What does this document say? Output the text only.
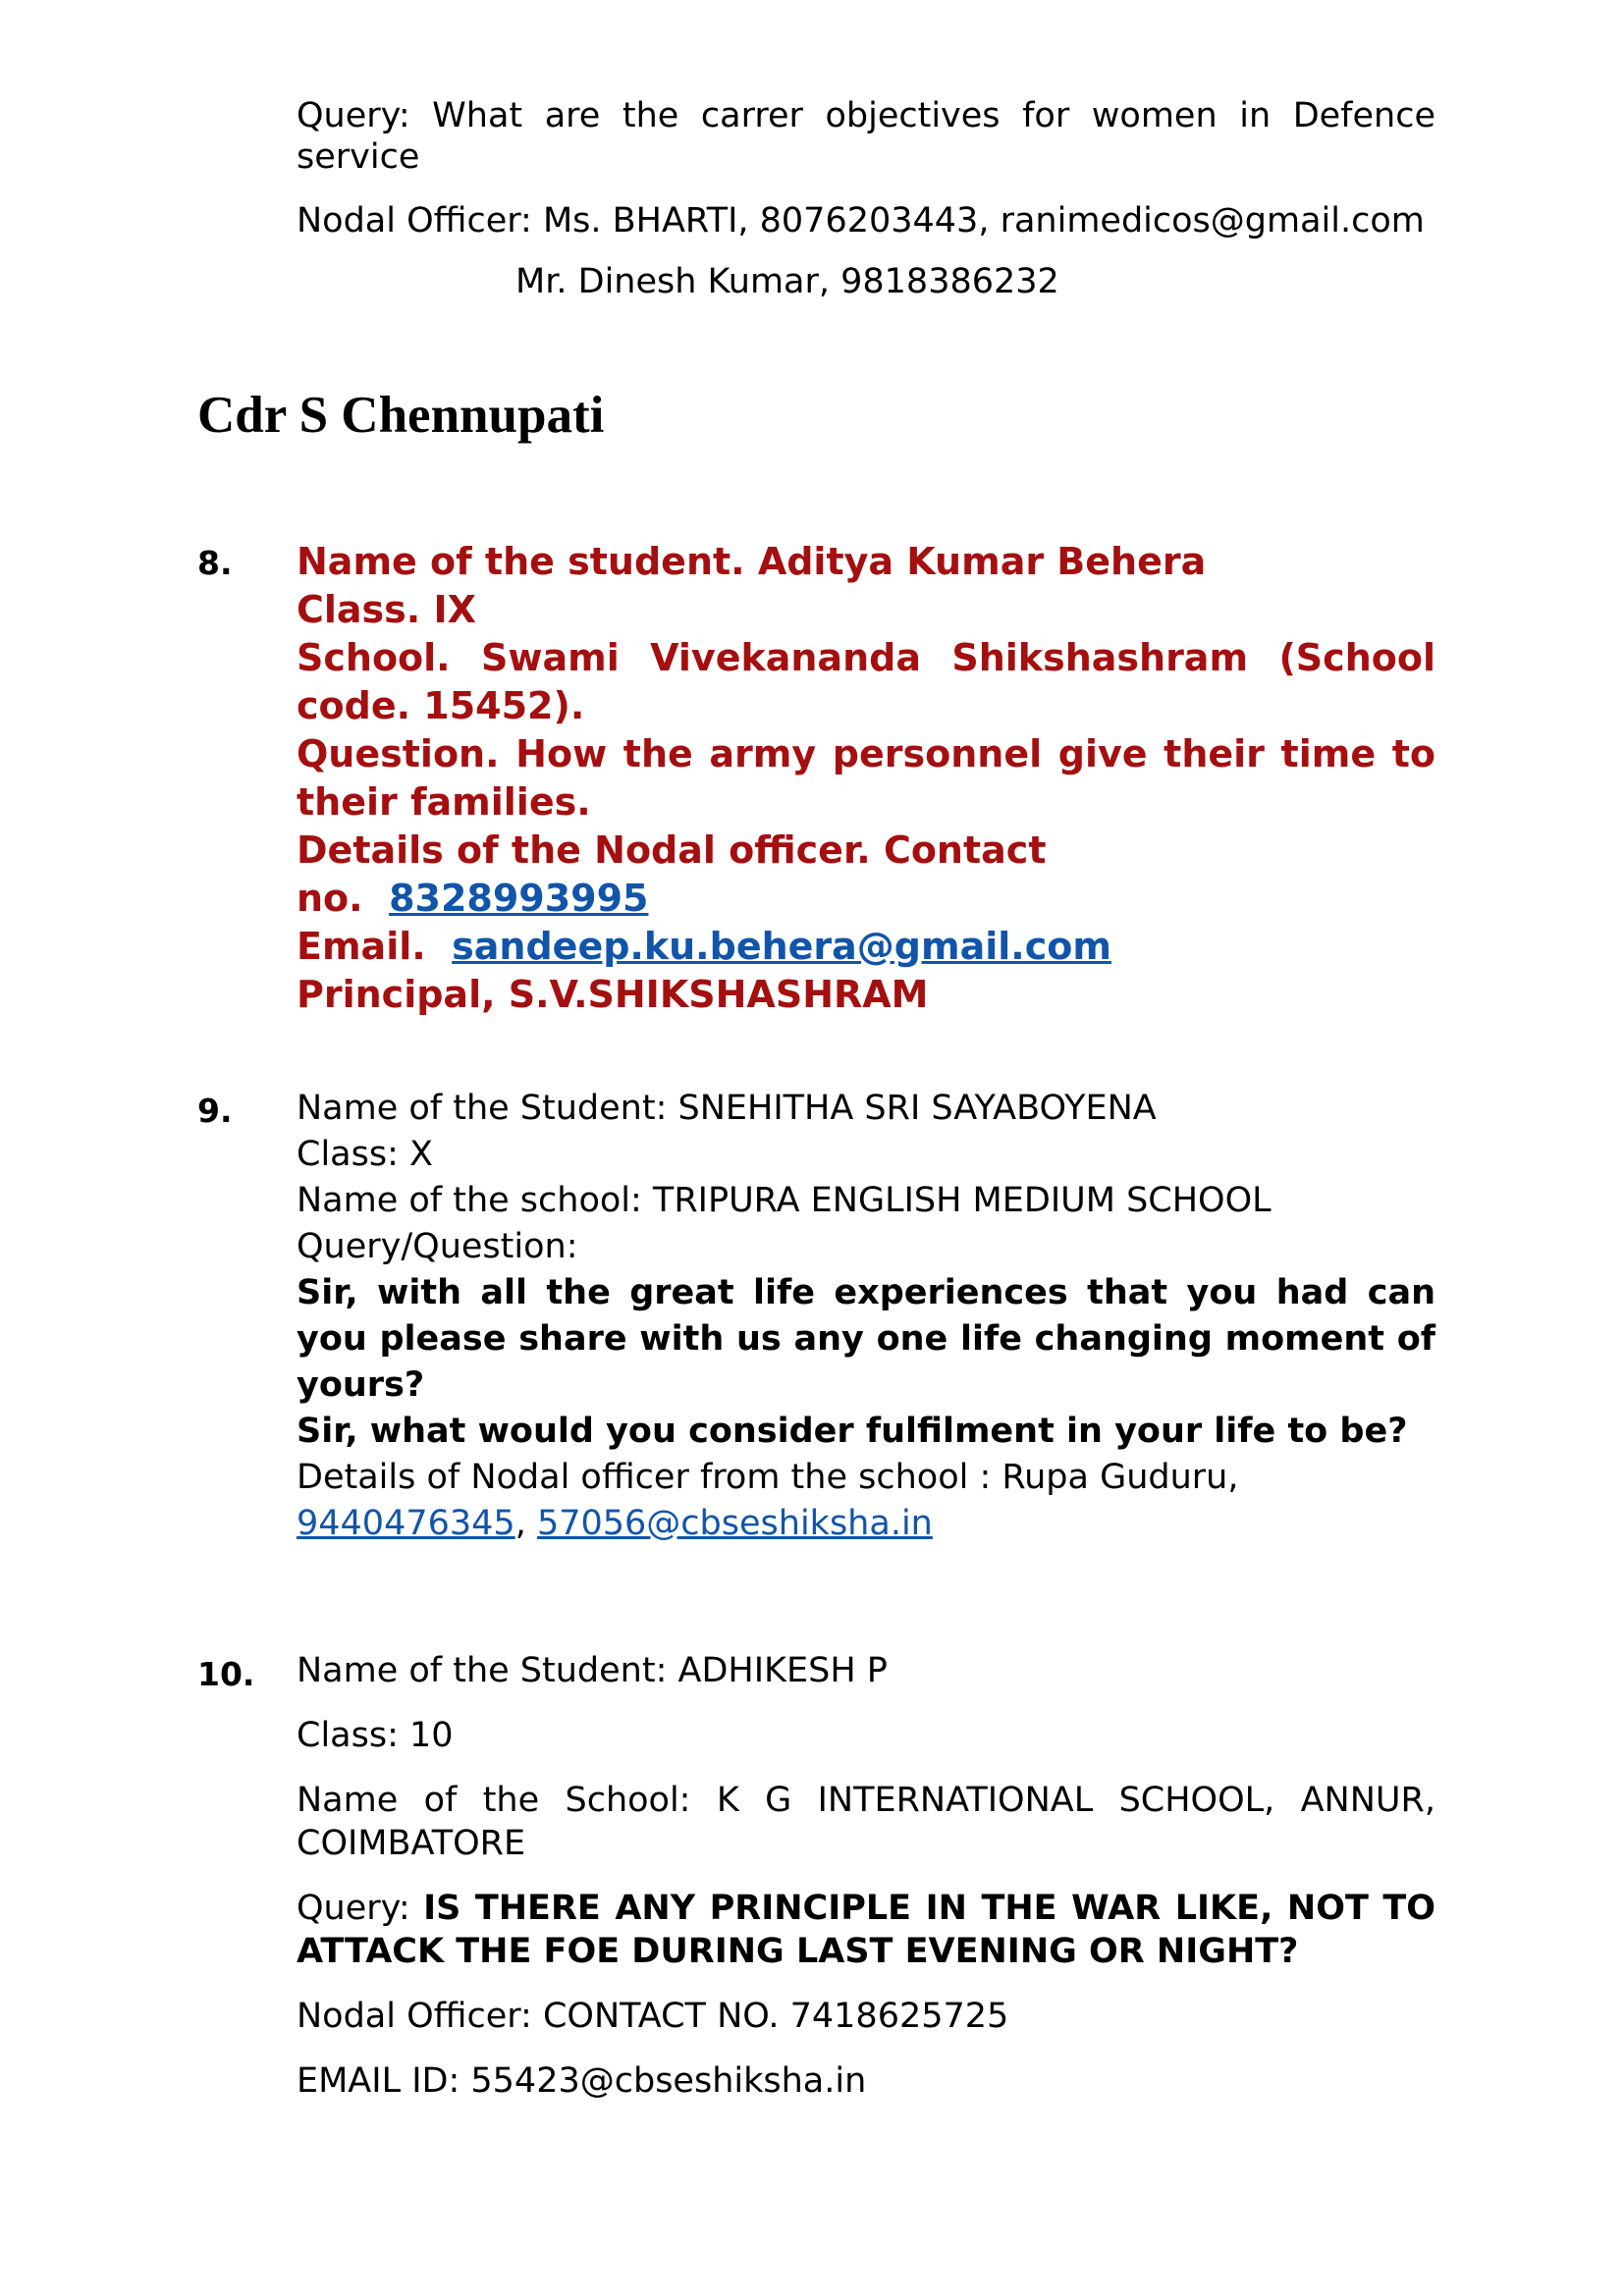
Query: What are the carrer objectives for women in Defence service

Nodal Officer: Ms. BHARTI, 8076203443, ranimedicos@gmail.com

Mr. Dinesh Kumar, 9818386232

Cdr S Chennupati
8. Name of the student. Aditya Kumar Behera
Class. IX
School. Swami Vivekananda Shikshashram (School code. 15452).
Question. How the army personnel give their time to their families.
Details of the Nodal officer. Contact
no. 8328993995
Email. sandeep.ku.behera@gmail.com
Principal, S.V.SHIKSHASHRAM
9. Name of the Student: SNEHITHA SRI SAYABOYENA

Class: X

Name of the school: TRIPURA ENGLISH MEDIUM SCHOOL

Query/Question:

Sir, with all the great life experiences that you had can you please share with us any one life changing moment of yours?

Sir, what would you consider fulfilment in your life to be?

Details of Nodal officer from the school : Rupa Guduru,

9440476345, 57056@cbseshiksha.in

10. Name of the Student: ADHIKESH P

Class: 10

Name of the School: K G INTERNATIONAL SCHOOL, ANNUR, COIMBATORE

Query: IS THERE ANY PRINCIPLE IN THE WAR LIKE, NOT TO ATTACK THE FOE DURING LAST EVENING OR NIGHT?

Nodal Officer: CONTACT NO. 7418625725

EMAIL ID: 55423@cbseshiksha.in
